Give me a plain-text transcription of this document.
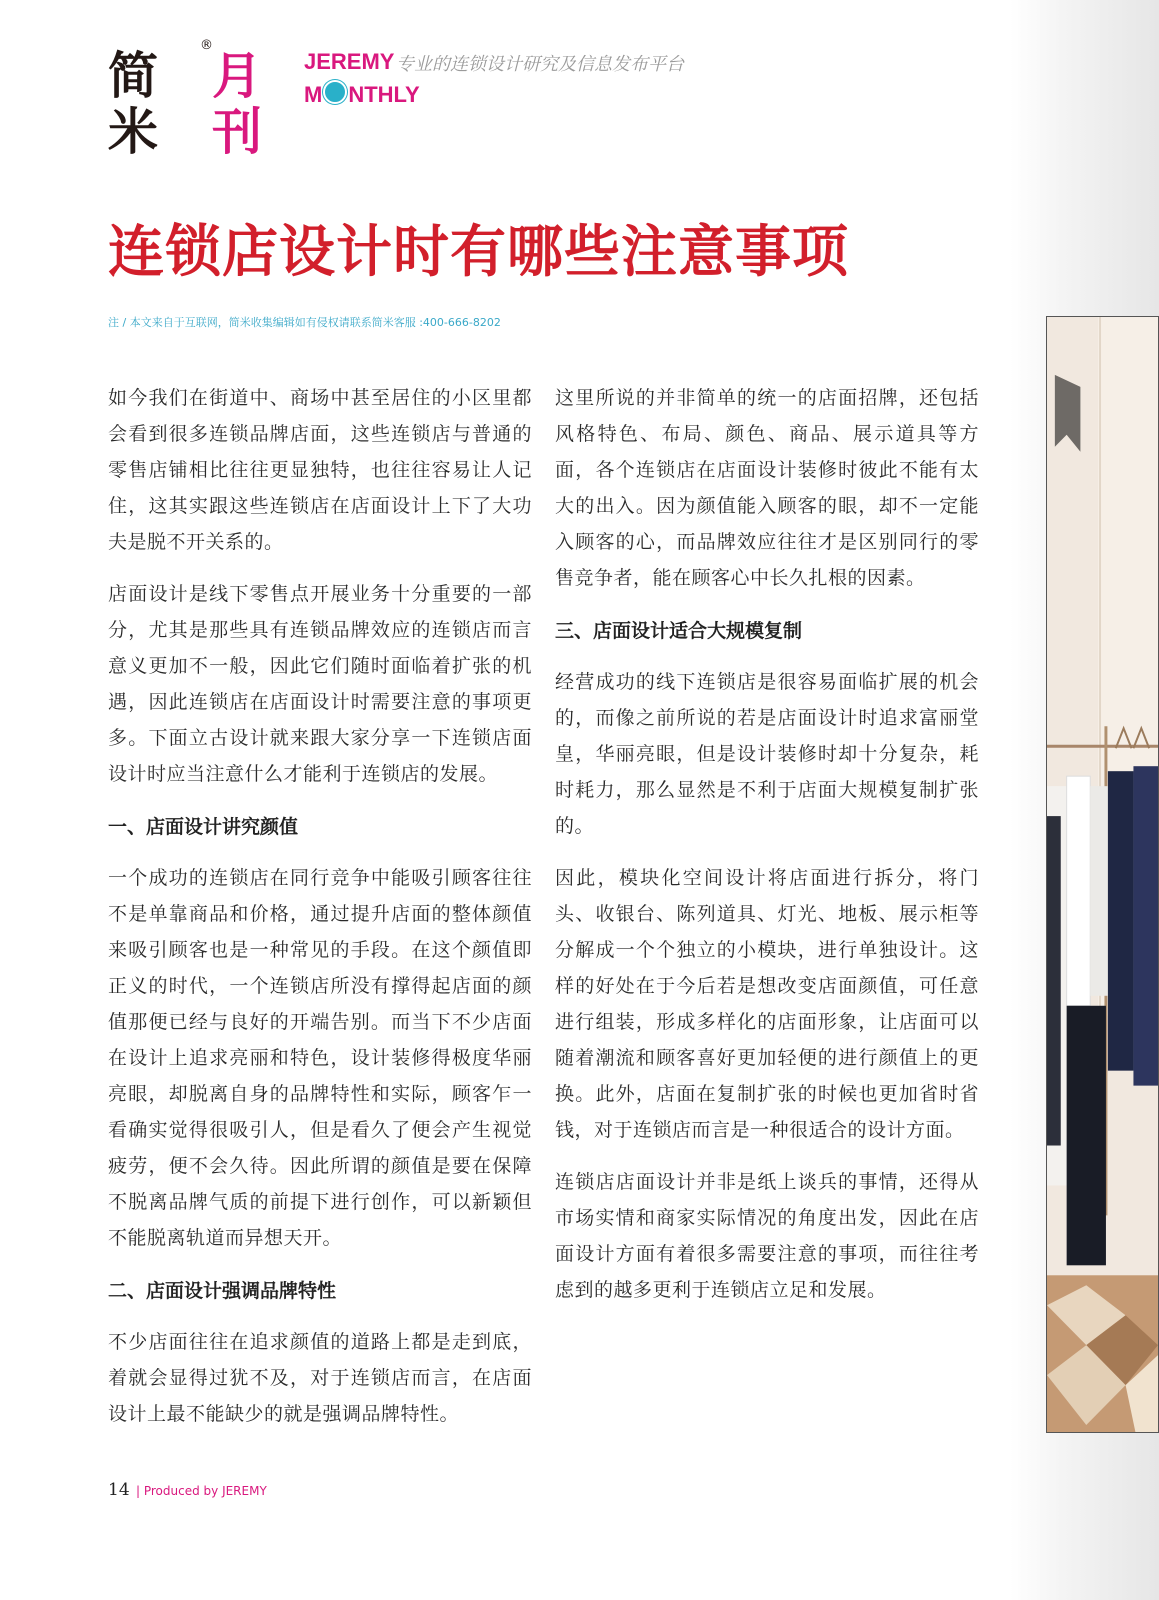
简米
®
月刊
JEREMY
M NTHLY
专业的连锁设计研究及信息发布平台
连锁店设计时有哪些注意事项
注 / 本文来自于互联网，简米收集编辑如有侵权请联系简米客服 :400-666-8202

如今我们在街道中、商场中甚至居住的小区里都会看到很多连锁品牌店面，这些连锁店与普通的零售店铺相比往往更显独特，也往往容易让人记住，这其实跟这些连锁店在店面设计上下了大功夫是脱不开关系的。

店面设计是线下零售点开展业务十分重要的一部分，尤其是那些具有连锁品牌效应的连锁店而言意义更加不一般，因此它们随时面临着扩张的机遇，因此连锁店在店面设计时需要注意的事项更多。下面立古设计就来跟大家分享一下连锁店面设计时应当注意什么才能利于连锁店的发展。

一、店面设计讲究颜值

一个成功的连锁店在同行竞争中能吸引顾客往往不是单靠商品和价格，通过提升店面的整体颜值来吸引顾客也是一种常见的手段。在这个颜值即正义的时代，一个连锁店所没有撑得起店面的颜值那便已经与良好的开端告别。而当下不少店面在设计上追求亮丽和特色，设计装修得极度华丽亮眼，却脱离自身的品牌特性和实际，顾客乍一看确实觉得很吸引人，但是看久了便会产生视觉疲劳，便不会久待。因此所谓的颜值是要在保障不脱离品牌气质的前提下进行创作，可以新颖但不能脱离轨道而异想天开。

二、店面设计强调品牌特性

不少店面往往在追求颜值的道路上都是走到底，着就会显得过犹不及，对于连锁店而言，在店面设计上最不能缺少的就是强调品牌特性。

这里所说的并非简单的统一的店面招牌，还包括风格特色、布局、颜色、商品、展示道具等方面，各个连锁店在店面设计装修时彼此不能有太大的出入。因为颜值能入顾客的眼，却不一定能入顾客的心，而品牌效应往往才是区别同行的零售竞争者，能在顾客心中长久扎根的因素。

三、店面设计适合大规模复制

经营成功的线下连锁店是很容易面临扩展的机会的，而像之前所说的若是店面设计时追求富丽堂皇，华丽亮眼，但是设计装修时却十分复杂，耗时耗力，那么显然是不利于店面大规模复制扩张的。

因此，模块化空间设计将店面进行拆分，将门头、收银台、陈列道具、灯光、地板、展示柜等分解成一个个独立的小模块，进行单独设计。这样的好处在于今后若是想改变店面颜值，可任意进行组装，形成多样化的店面形象，让店面可以随着潮流和顾客喜好更加轻便的进行颜值上的更换。此外，店面在复制扩张的时候也更加省时省钱，对于连锁店而言是一种很适合的设计方面。

连锁店店面设计并非是纸上谈兵的事情，还得从市场实情和商家实际情况的角度出发，因此在店面设计方面有着很多需要注意的事项，而往往考虑到的越多更利于连锁店立足和发展。

14 | Produced by JEREMY
